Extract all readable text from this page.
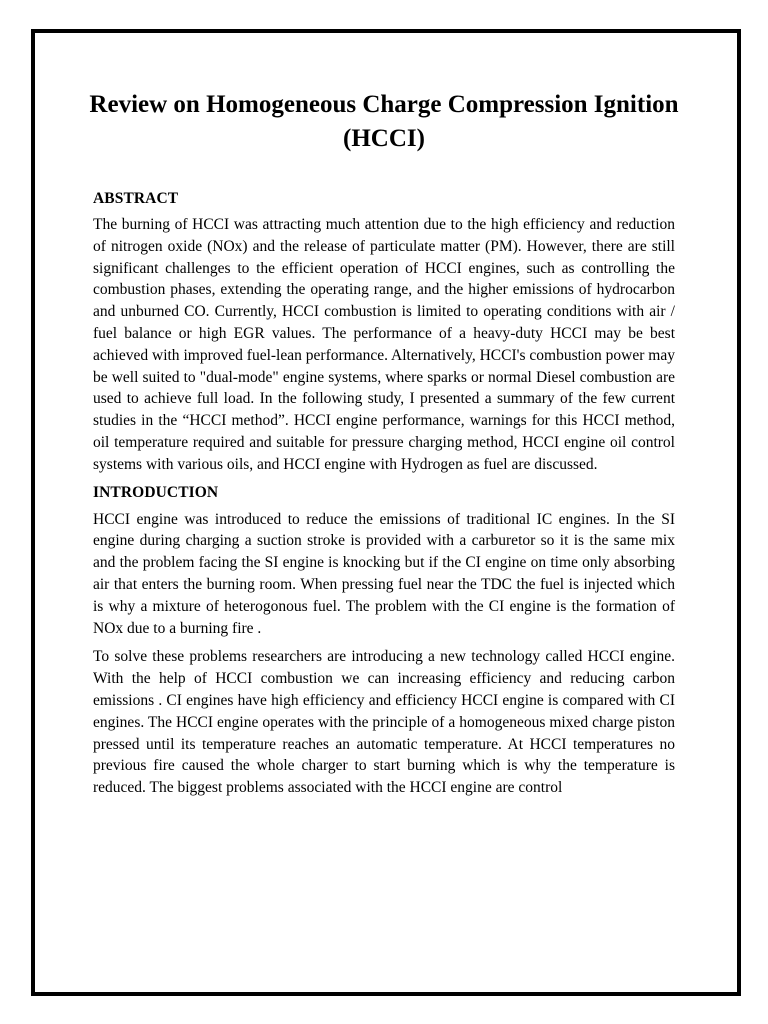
Review on Homogeneous Charge Compression Ignition (HCCI)
ABSTRACT

The burning of HCCI was attracting much attention due to the high efficiency and reduction of nitrogen oxide (NOx) and the release of particulate matter (PM). However, there are still significant challenges to the efficient operation of HCCI engines, such as controlling the combustion phases, extending the operating range, and the higher emissions of hydrocarbon and unburned CO. Currently, HCCI combustion is limited to operating conditions with air / fuel balance or high EGR values. The performance of a heavy-duty HCCI may be best achieved with improved fuel-lean performance. Alternatively, HCCI's combustion power may be well suited to "dual-mode" engine systems, where sparks or normal Diesel combustion are used to achieve full load. In the following study, I presented a summary of the few current studies in the “HCCI method”. HCCI engine performance, warnings for this HCCI method, oil temperature required and suitable for pressure charging method, HCCI engine oil control systems with various oils, and HCCI engine with Hydrogen as fuel are discussed.

INTRODUCTION

HCCI engine was introduced to reduce the emissions of traditional IC engines. In the SI engine during charging a suction stroke is provided with a carburetor so it is the same mix and the problem facing the SI engine is knocking but if the CI engine on time only absorbing air that enters the burning room. When pressing fuel near the TDC the fuel is injected which is why a mixture of heterogonous fuel. The problem with the CI engine is the formation of NOx due to a burning fire .

To solve these problems researchers are introducing a new technology called HCCI engine. With the help of HCCI combustion we can increasing efficiency and reducing carbon emissions . CI engines have high efficiency and efficiency HCCI engine is compared with CI engines. The HCCI engine operates with the principle of a homogeneous mixed charge piston pressed until its temperature reaches an automatic temperature. At HCCI temperatures no previous fire caused the whole charger to start burning which is why the temperature is reduced. The biggest problems associated with the HCCI engine are control
